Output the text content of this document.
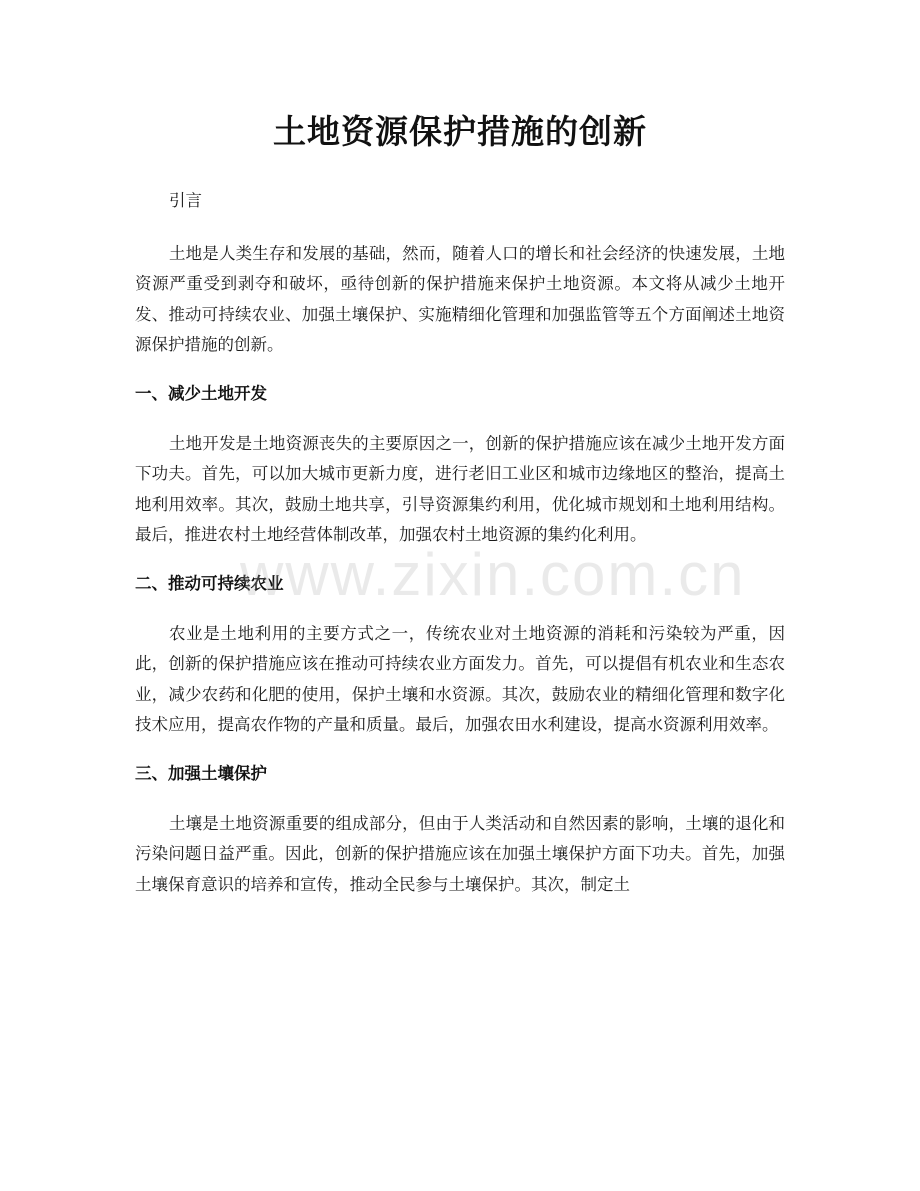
土地资源保护措施的创新

引言

土地是人类生存和发展的基础，然而，随着人口的增长和社会经济的快速发展，土地资源严重受到剥夺和破坏，亟待创新的保护措施来保护土地资源。本文将从减少土地开发、推动可持续农业、加强土壤保护、实施精细化管理和加强监管等五个方面阐述土地资源保护措施的创新。

一、减少土地开发

土地开发是土地资源丧失的主要原因之一，创新的保护措施应该在减少土地开发方面下功夫。首先，可以加大城市更新力度，进行老旧工业区和城市边缘地区的整治，提高土地利用效率。其次，鼓励土地共享，引导资源集约利用，优化城市规划和土地利用结构。最后，推进农村土地经营体制改革，加强农村土地资源的集约化利用。

二、推动可持续农业

农业是土地利用的主要方式之一，传统农业对土地资源的消耗和污染较为严重，因此，创新的保护措施应该在推动可持续农业方面发力。首先，可以提倡有机农业和生态农业，减少农药和化肥的使用，保护土壤和水资源。其次，鼓励农业的精细化管理和数字化技术应用，提高农作物的产量和质量。最后，加强农田水利建设，提高水资源利用效率。

三、加强土壤保护

土壤是土地资源重要的组成部分，但由于人类活动和自然因素的影响，土壤的退化和污染问题日益严重。因此，创新的保护措施应该在加强土壤保护方面下功夫。首先，加强土壤保育意识的培养和宣传，推动全民参与土壤保护。其次，制定土

www.zixin.com.cn
